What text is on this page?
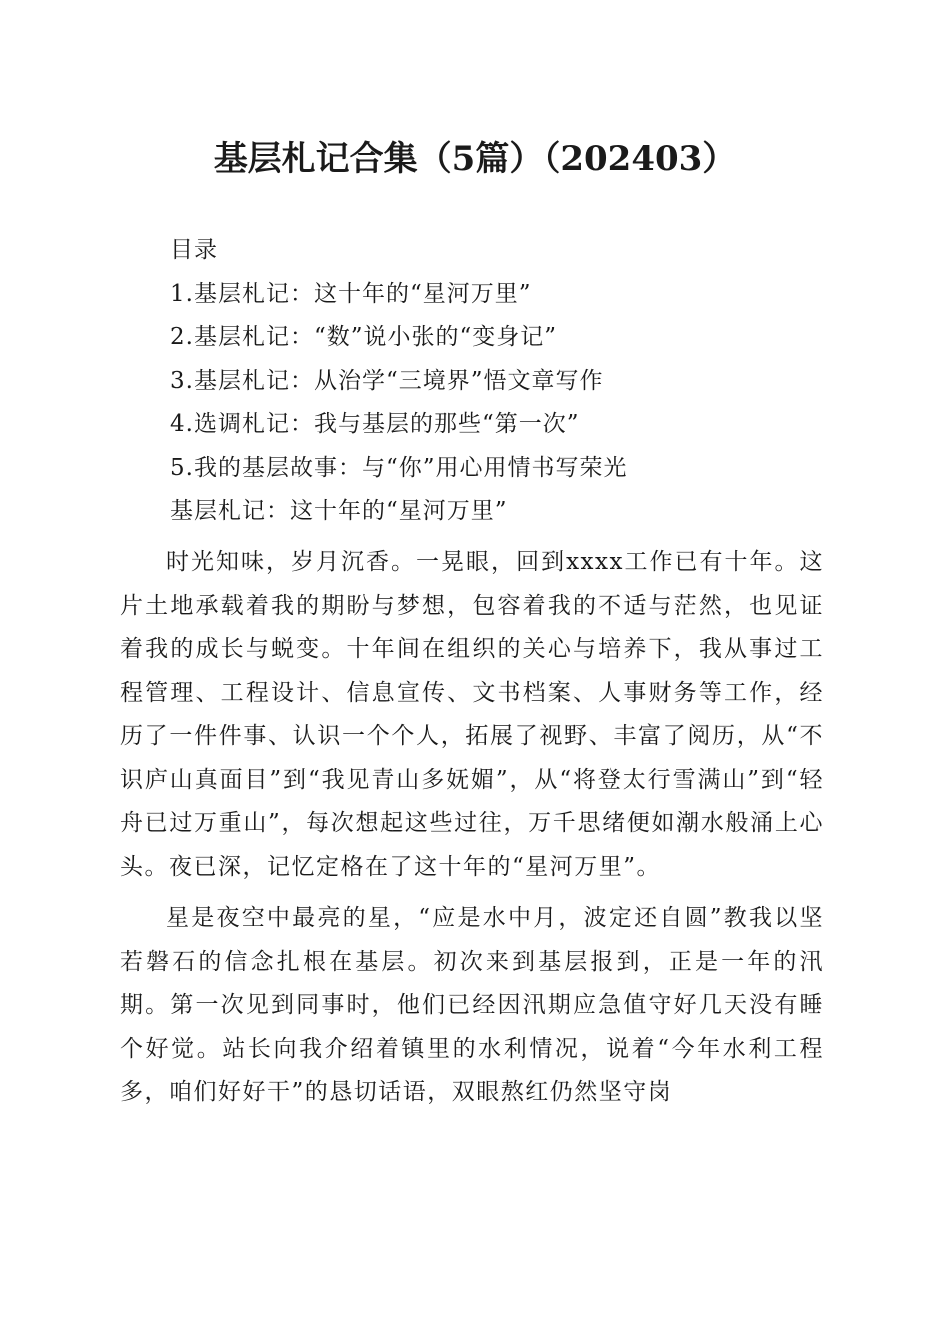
基层札记合集（5篇）（202403）
目录
1.基层札记：这十年的“星河万里”
2.基层札记：“数”说小张的“变身记”
3.基层札记：从治学“三境界”悟文章写作
4.选调札记：我与基层的那些“第一次”
5.我的基层故事：与“你”用心用情书写荣光
基层札记：这十年的“星河万里”

时光知味，岁月沉香。一晃眼，回到xxxx工作已有十年。这片土地承载着我的期盼与梦想，包容着我的不适与茫然，也见证着我的成长与蜕变。十年间在组织的关心与培养下，我从事过工程管理、工程设计、信息宣传、文书档案、人事财务等工作，经历了一件件事、认识一个个人，拓展了视野、丰富了阅历，从“不识庐山真面目”到“我见青山多妩媚”，从“将登太行雪满山”到“轻舟已过万重山”，每次想起这些过往，万千思绪便如潮水般涌上心头。夜已深，记忆定格在了这十年的“星河万里”。

星是夜空中最亮的星，“应是水中月，波定还自圆”教我以坚若磐石的信念扎根在基层。初次来到基层报到，正是一年的汛期。第一次见到同事时，他们已经因汛期应急值守好几天没有睡个好觉。站长向我介绍着镇里的水利情况，说着“今年水利工程多，咱们好好干”的恳切话语，双眼熬红仍然坚守岗
